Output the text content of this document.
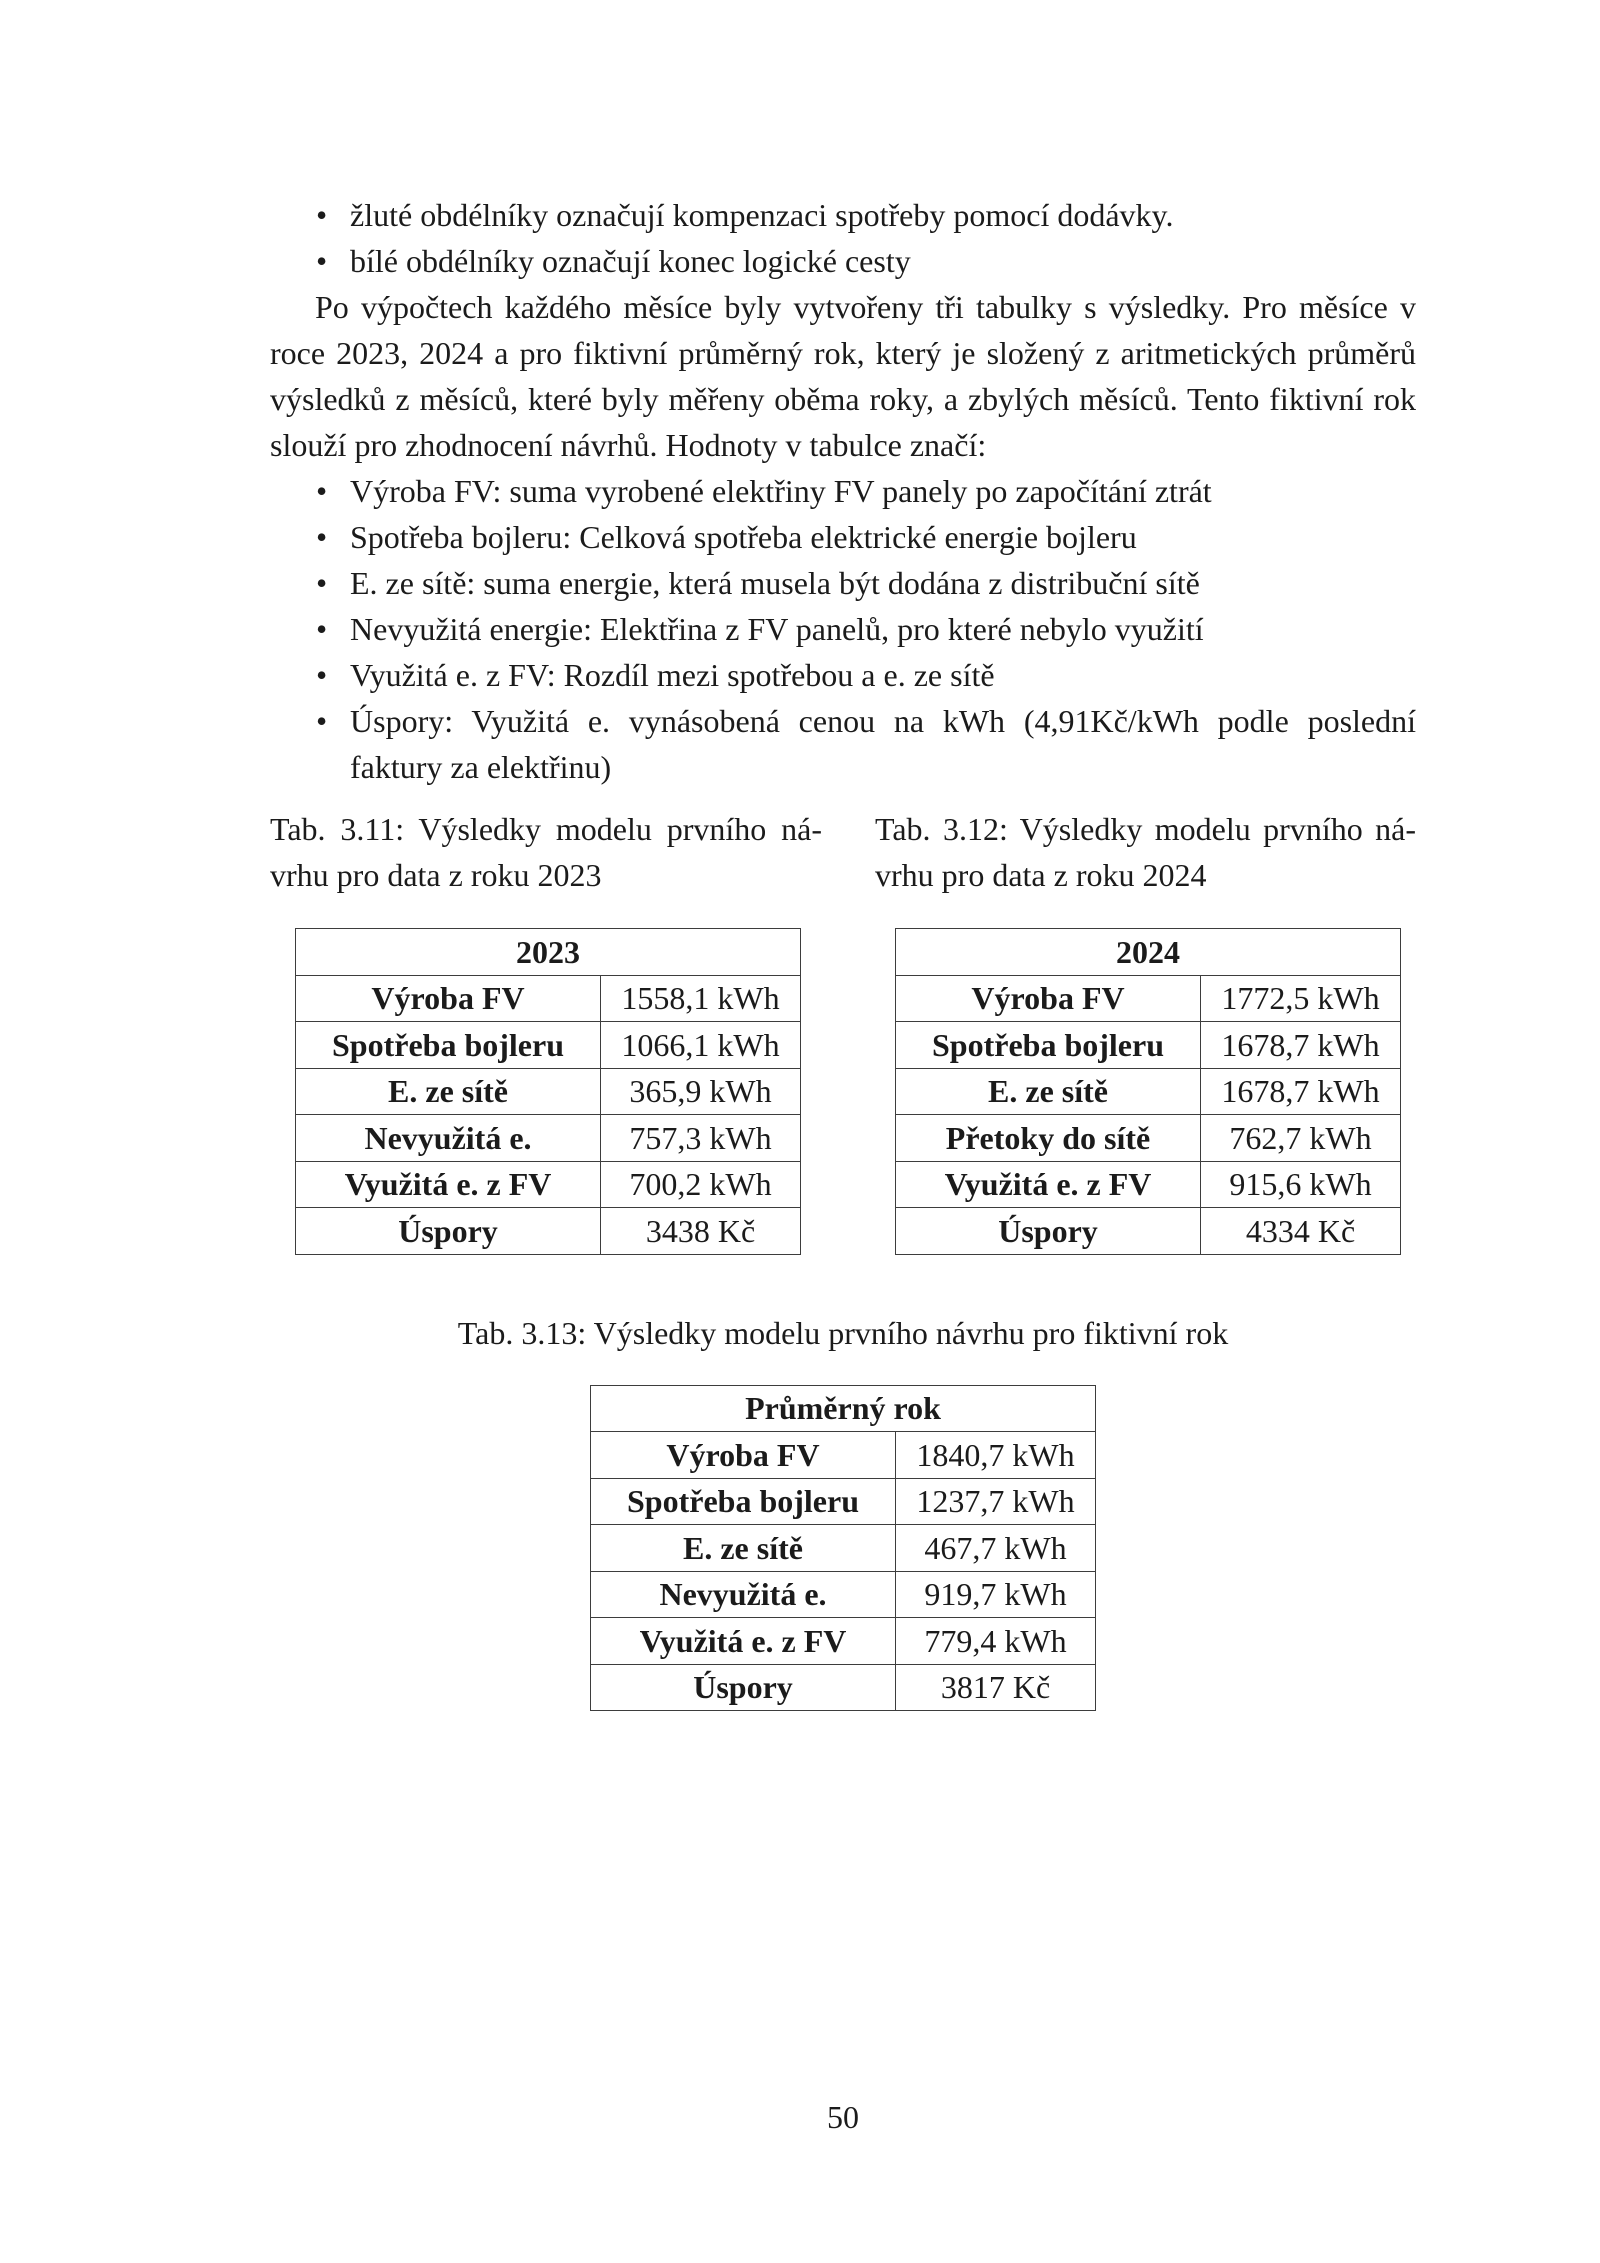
• žluté obdélníky označují kompenzaci spotřeby pomocí dodávky.
• bílé obdélníky označují konec logické cesty

Po výpočtech každého měsíce byly vytvořeny tři tabulky s výsledky. Pro měsíce v roce 2023, 2024 a pro fiktivní průměrný rok, který je složený z aritmetických průměrů výsledků z měsíců, které byly měřeny oběma roky, a zbylých měsíců. Tento fiktivní rok slouží pro zhodnocení návrhů. Hodnoty v tabulce značí:

• Výroba FV: suma vyrobené elektřiny FV panely po započítání ztrát
• Spotřeba bojleru: Celková spotřeba elektrické energie bojleru
• E. ze sítě: suma energie, která musela být dodána z distribuční sítě
• Nevyužitá energie: Elektřina z FV panelů, pro které nebylo využití
• Využitá e. z FV: Rozdíl mezi spotřebou a e. ze sítě
• Úspory: Využitá e. vynásobená cenou na kWh (4,91Kč/kWh podle poslední faktury za elektřinu)
Tab. 3.11: Výsledky modelu prvního ná-
vrhu pro data z roku 2023
Tab. 3.12: Výsledky modelu prvního ná-
vrhu pro data z roku 2024
2023	
Výroba FV	1558,1 kWh
Spotřeba bojleru	1066,1 kWh
E. ze sítě	365,9 kWh
Nevyužitá e.	757,3 kWh
Využitá e. z FV	700,2 kWh
Úspory	3438 Kč
2024	
Výroba FV	1772,5 kWh
Spotřeba bojleru	1678,7 kWh
E. ze sítě	1678,7 kWh
Přetoky do sítě	762,7 kWh
Využitá e. z FV	915,6 kWh
Úspory	4334 Kč
Tab. 3.13: Výsledky modelu prvního návrhu pro fiktivní rok
Průměrný rok	
Výroba FV	1840,7 kWh
Spotřeba bojleru	1237,7 kWh
E. ze sítě	467,7 kWh
Nevyužitá e.	919,7 kWh
Využitá e. z FV	779,4 kWh
Úspory	3817 Kč
50
